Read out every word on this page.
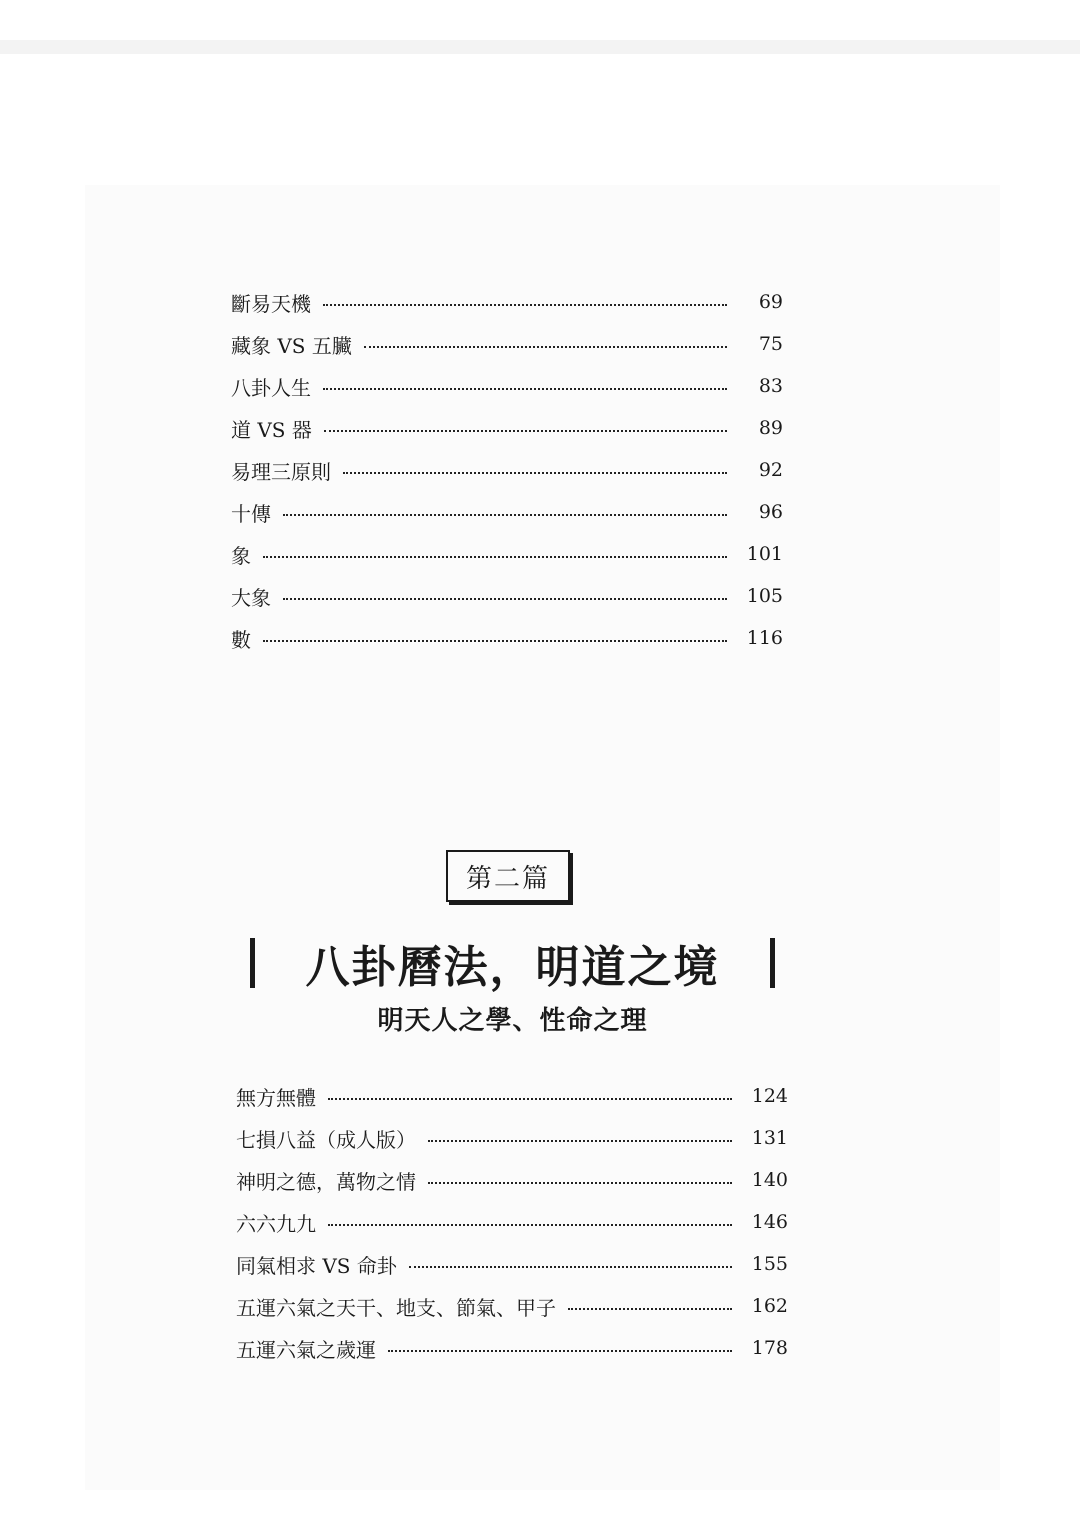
斷易天機	69
藏象 VS 五臟	75
八卦人生	83
道 VS 器	89
易理三原則	92
十傳	96
象	101
大象	105
數	116
第二篇
八卦曆法，明道之境
明天人之學、性命之理
無方無體	124
七損八益（成人版）	131
神明之德，萬物之情	140
六六九九	146
同氣相求 VS 命卦	155
五運六氣之天干、地支、節氣、甲子	162
五運六氣之歲運	178
